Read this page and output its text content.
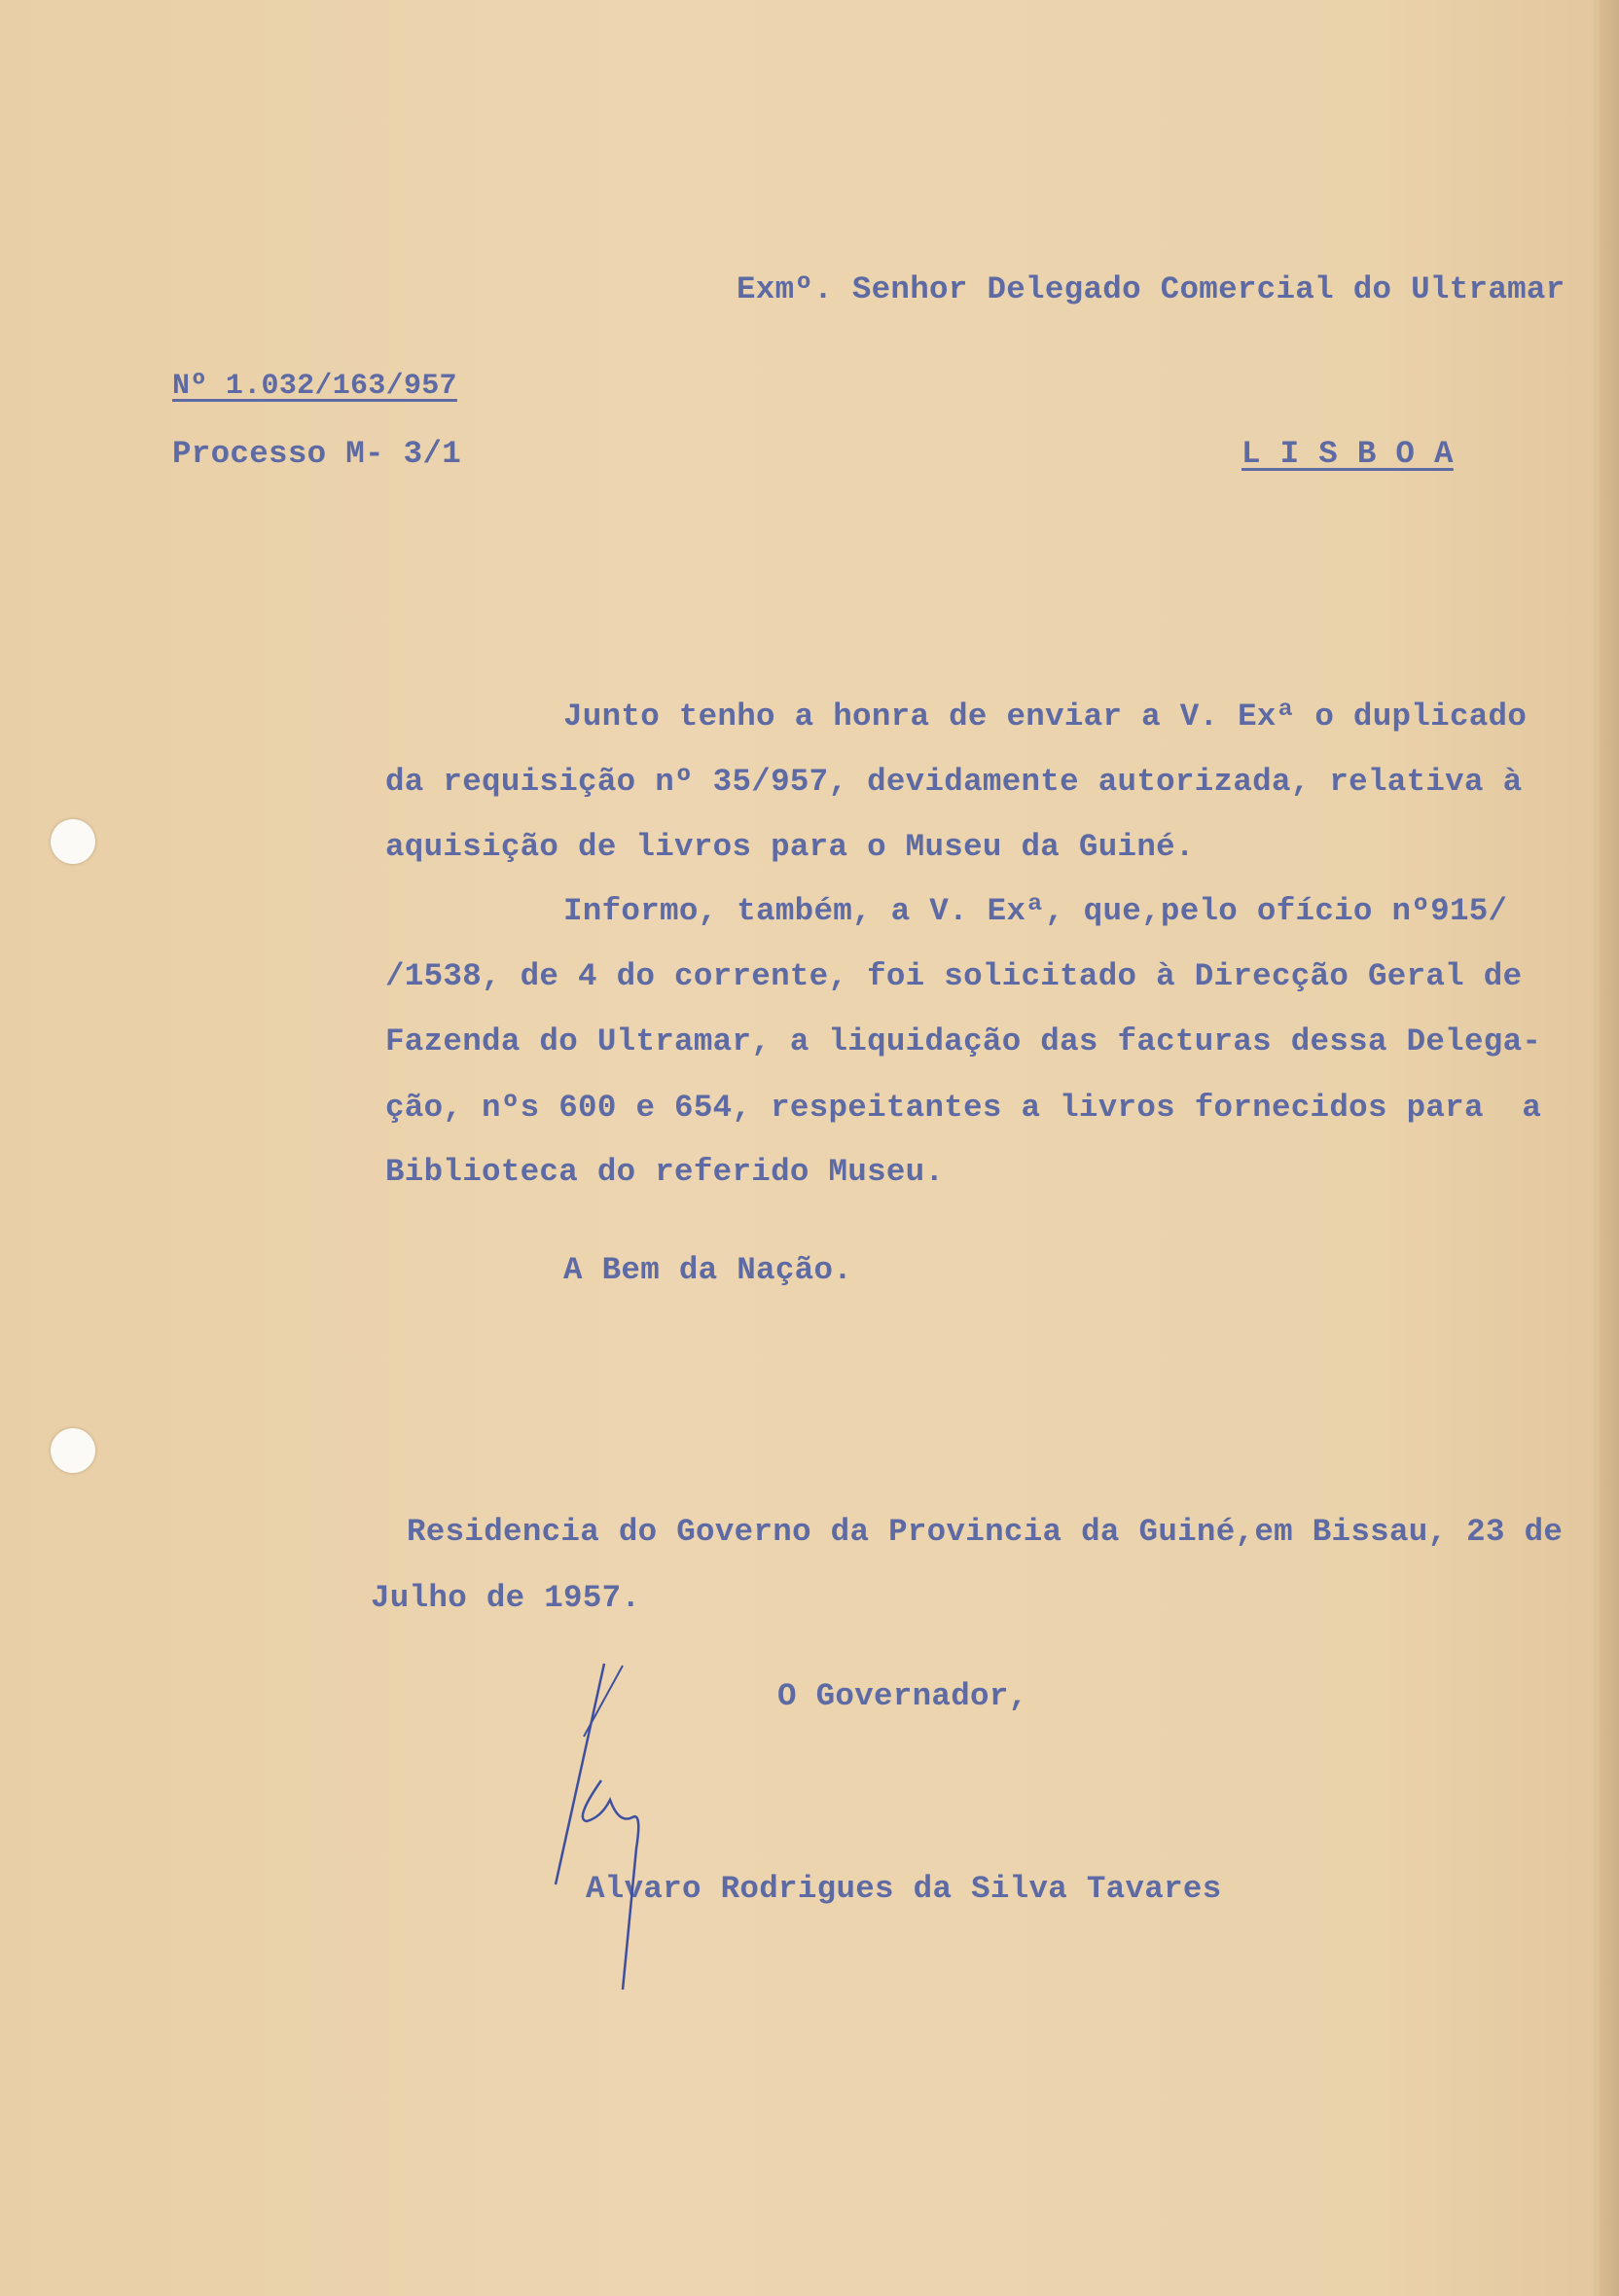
Exmº. Senhor Delegado Comercial do Ultramar
Nº 1.032/163/957
Processo M- 3/1	L I S B O A
Junto tenho a honra de enviar a V. Exª o duplicado
da requisição nº 35/957, devidamente autorizada, relativa à
aquisição de livros para o Museu da Guiné.
Informo, também, a V. Exª, que,pelo ofício nº915/
/1538, de 4 do corrente, foi solicitado à Direcção Geral de
Fazenda do Ultramar, a liquidação das facturas dessa Delega-
ção, nºs 600 e 654, respeitantes a livros fornecidos para  a
Biblioteca do referido Museu.
A Bem da Nação.
Residencia do Governo da Provincia da Guiné,em Bissau, 23 de
Julho de 1957.
O Governador,
Alvaro Rodrigues da Silva Tavares
